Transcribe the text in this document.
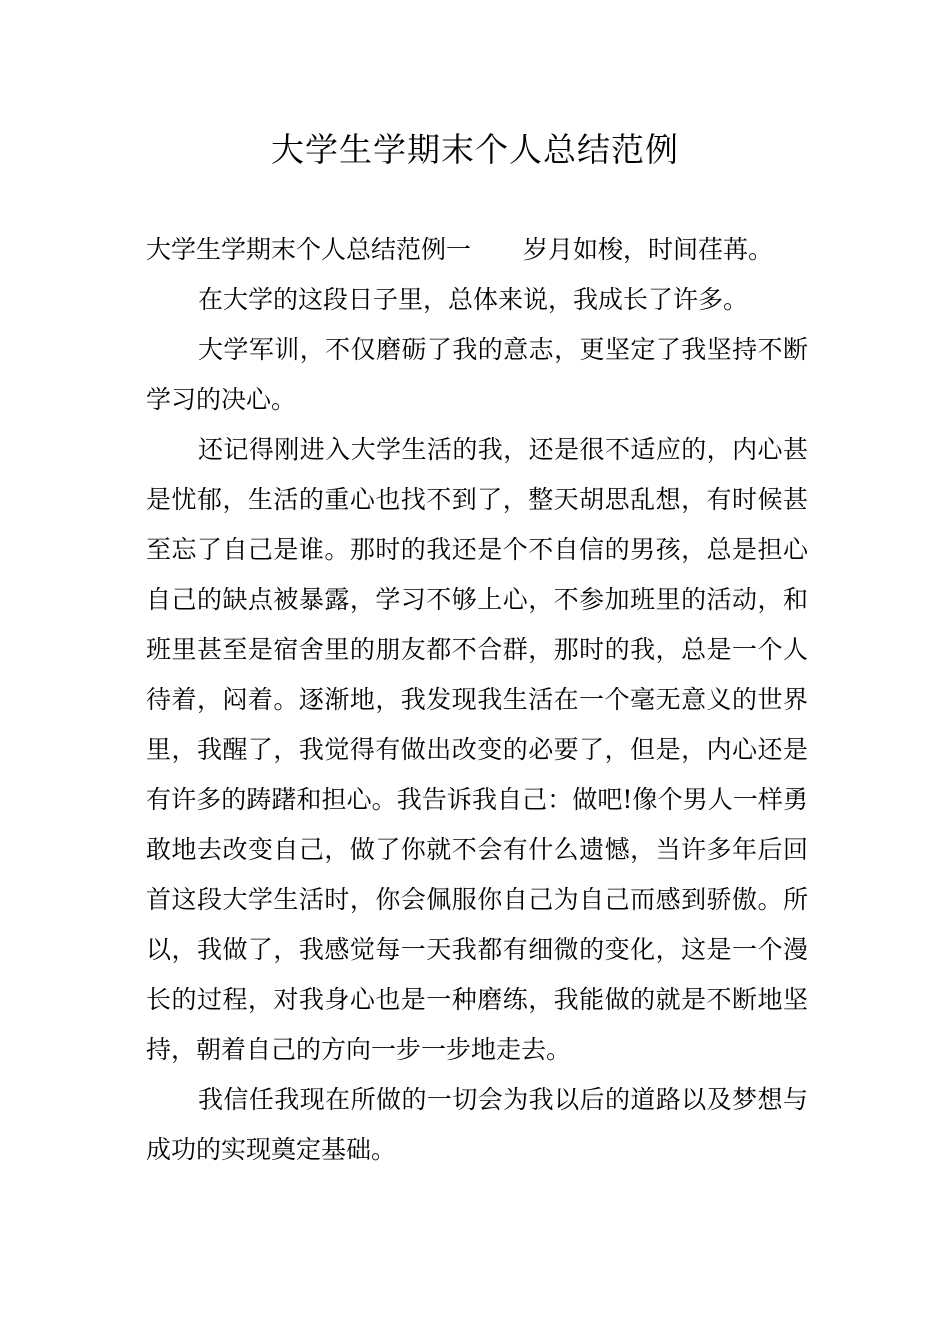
大学生学期末个人总结范例

大学生学期末个人总结范例一 岁月如梭，时间荏苒。

在大学的这段日子里，总体来说，我成长了许多。

大学军训，不仅磨砺了我的意志，更坚定了我坚持不断学习的决心。

还记得刚进入大学生活的我，还是很不适应的，内心甚是忧郁，生活的重心也找不到了，整天胡思乱想，有时候甚至忘了自己是谁。那时的我还是个不自信的男孩，总是担心自己的缺点被暴露，学习不够上心，不参加班里的活动，和班里甚至是宿舍里的朋友都不合群，那时的我，总是一个人待着，闷着。逐渐地，我发现我生活在一个毫无意义的世界里，我醒了，我觉得有做出改变的必要了，但是，内心还是有许多的踌躇和担心。我告诉我自己：做吧!像个男人一样勇敢地去改变自己，做了你就不会有什么遗憾，当许多年后回首这段大学生活时，你会佩服你自己为自己而感到骄傲。所以，我做了，我感觉每一天我都有细微的变化，这是一个漫长的过程，对我身心也是一种磨练，我能做的就是不断地坚持，朝着自己的方向一步一步地走去。

我信任我现在所做的一切会为我以后的道路以及梦想与成功的实现奠定基础。
